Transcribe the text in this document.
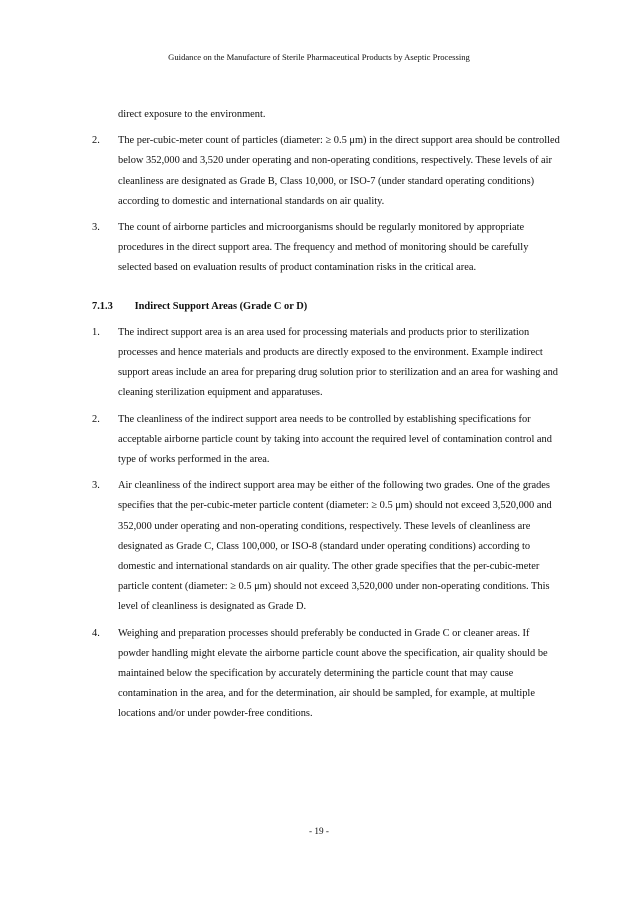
Guidance on the Manufacture of Sterile Pharmaceutical Products by Aseptic Processing
direct exposure to the environment.
2. The per-cubic-meter count of particles (diameter: ≥ 0.5 μm) in the direct support area should be controlled below 352,000 and 3,520 under operating and non-operating conditions, respectively. These levels of air cleanliness are designated as Grade B, Class 10,000, or ISO-7 (under standard operating conditions) according to domestic and international standards on air quality.
3. The count of airborne particles and microorganisms should be regularly monitored by appropriate procedures in the direct support area. The frequency and method of monitoring should be carefully selected based on evaluation results of product contamination risks in the critical area.
7.1.3 Indirect Support Areas (Grade C or D)
1. The indirect support area is an area used for processing materials and products prior to sterilization processes and hence materials and products are directly exposed to the environment. Example indirect support areas include an area for preparing drug solution prior to sterilization and an area for washing and cleaning sterilization equipment and apparatuses.
2. The cleanliness of the indirect support area needs to be controlled by establishing specifications for acceptable airborne particle count by taking into account the required level of contamination control and type of works performed in the area.
3. Air cleanliness of the indirect support area may be either of the following two grades. One of the grades specifies that the per-cubic-meter particle content (diameter: ≥ 0.5 μm) should not exceed 3,520,000 and 352,000 under operating and non-operating conditions, respectively. These levels of cleanliness are designated as Grade C, Class 100,000, or ISO-8 (standard under operating conditions) according to domestic and international standards on air quality. The other grade specifies that the per-cubic-meter particle content (diameter: ≥ 0.5 μm) should not exceed 3,520,000 under non-operating conditions. This level of cleanliness is designated as Grade D.
4. Weighing and preparation processes should preferably be conducted in Grade C or cleaner areas. If powder handling might elevate the airborne particle count above the specification, air quality should be maintained below the specification by accurately determining the particle count that may cause contamination in the area, and for the determination, air should be sampled, for example, at multiple locations and/or under powder-free conditions.
- 19 -
